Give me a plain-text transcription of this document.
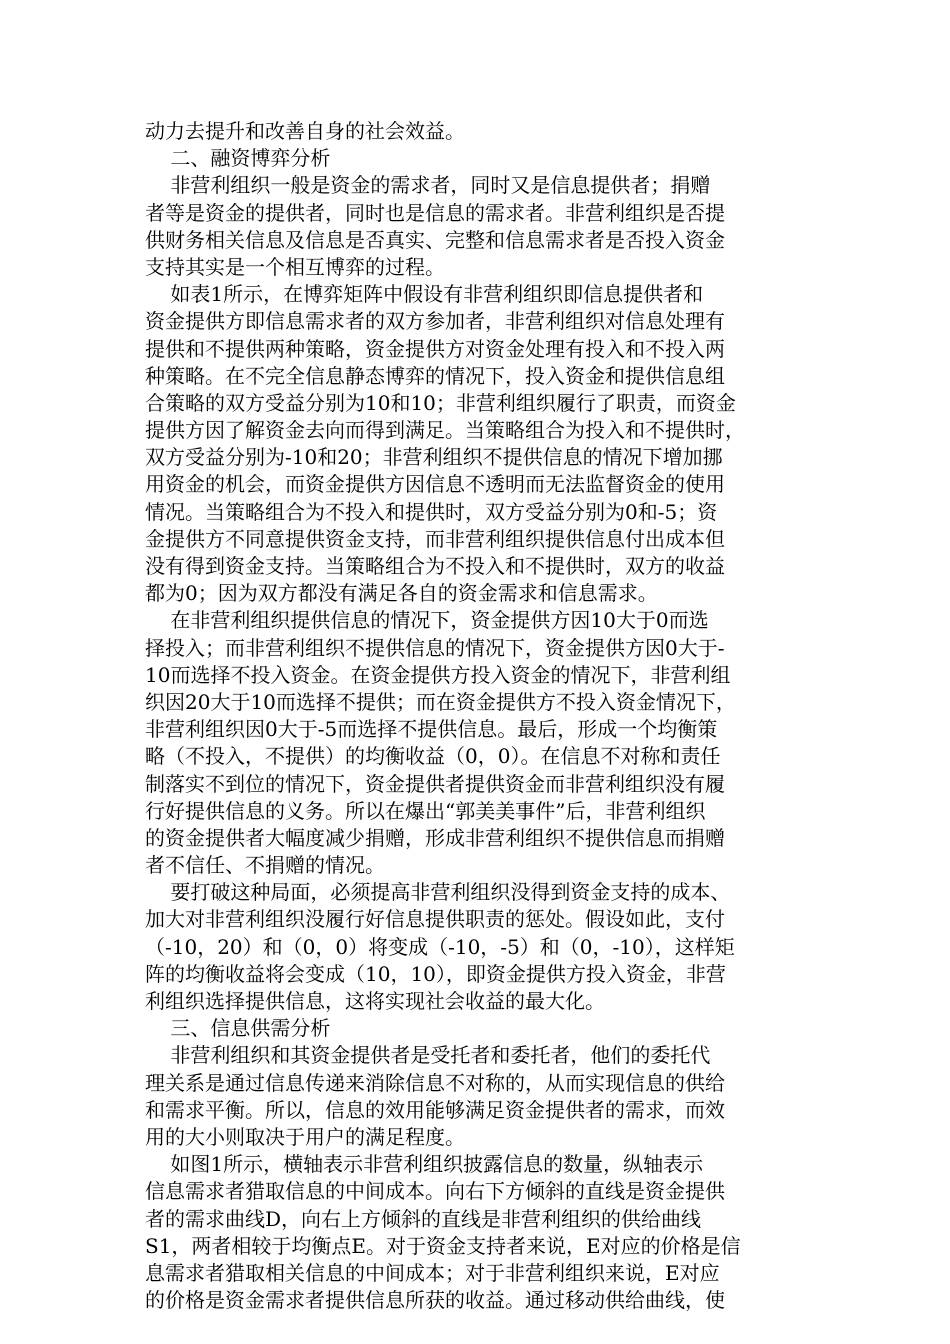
动力去提升和改善自身的社会效益。
二、融资博弈分析
非营利组织一般是资金的需求者，同时又是信息提供者；捐赠
者等是资金的提供者，同时也是信息的需求者。非营利组织是否提
供财务相关信息及信息是否真实、完整和信息需求者是否投入资金
支持其实是一个相互博弈的过程。
如表1所示，在博弈矩阵中假设有非营利组织即信息提供者和
资金提供方即信息需求者的双方参加者，非营利组织对信息处理有
提供和不提供两种策略，资金提供方对资金处理有投入和不投入两
种策略。在不完全信息静态博弈的情况下，投入资金和提供信息组
合策略的双方受益分别为10和10；非营利组织履行了职责，而资金
提供方因了解资金去向而得到满足。当策略组合为投入和不提供时，
双方受益分别为-10和20；非营利组织不提供信息的情况下增加挪
用资金的机会，而资金提供方因信息不透明而无法监督资金的使用
情况。当策略组合为不投入和提供时，双方受益分别为0和-5；资
金提供方不同意提供资金支持，而非营利组织提供信息付出成本但
没有得到资金支持。当策略组合为不投入和不提供时，双方的收益
都为0；因为双方都没有满足各自的资金需求和信息需求。
在非营利组织提供信息的情况下，资金提供方因10大于0而选
择投入；而非营利组织不提供信息的情况下，资金提供方因0大于-
10而选择不投入资金。在资金提供方投入资金的情况下，非营利组
织因20大于10而选择不提供；而在资金提供方不投入资金情况下，
非营利组织因0大于-5而选择不提供信息。最后，形成一个均衡策
略（不投入，不提供）的均衡收益（0，0）。在信息不对称和责任
制落实不到位的情况下，资金提供者提供资金而非营利组织没有履
行好提供信息的义务。所以在爆出“郭美美事件”后，非营利组织
的资金提供者大幅度减少捐赠，形成非营利组织不提供信息而捐赠
者不信任、不捐赠的情况。
要打破这种局面，必须提高非营利组织没得到资金支持的成本、
加大对非营利组织没履行好信息提供职责的惩处。假设如此，支付
（-10，20）和（0，0）将变成（-10，-5）和（0，-10），这样矩
阵的均衡收益将会变成（10，10），即资金提供方投入资金，非营
利组织选择提供信息，这将实现社会收益的最大化。
三、信息供需分析
非营利组织和其资金提供者是受托者和委托者，他们的委托代
理关系是通过信息传递来消除信息不对称的，从而实现信息的供给
和需求平衡。所以，信息的效用能够满足资金提供者的需求，而效
用的大小则取决于用户的满足程度。
如图1所示，横轴表示非营利组织披露信息的数量，纵轴表示
信息需求者猎取信息的中间成本。向右下方倾斜的直线是资金提供
者的需求曲线D，向右上方倾斜的直线是非营利组织的供给曲线
S1，两者相较于均衡点E。对于资金支持者来说，E对应的价格是信
息需求者猎取相关信息的中间成本；对于非营利组织来说，E对应
的价格是资金需求者提供信息所获的收益。通过移动供给曲线，使
